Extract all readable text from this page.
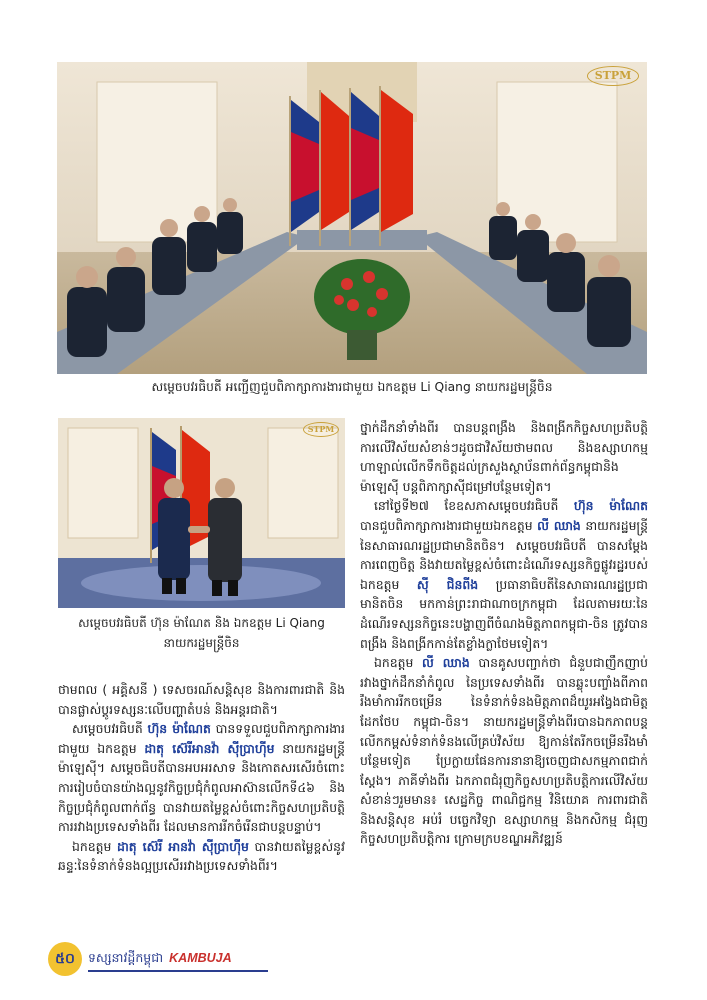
STPM
សម្ដេចបវរធិបតី អញ្ជើញជួបពិភាក្សាការងារជាមួយ ឯកឧត្តម Li Qiang នាយករដ្ឋមន្ដ្រីចិន
STPM
សម្ដេចបវរធិបតី ហ៊ុន ម៉ាណែត និង ឯកឧត្តម Li Qiang
នាយករដ្ឋមន្ដ្រីចិន

ថាមពល ( អគ្គិសនី ) ទេសចរណ៍សន្តិសុខ និងការពារជាតិ និងបានផ្លាស់ប្ដូរទស្សនៈលើបញ្ហាតំបន់ និងអន្តរជាតិ។

សម្ដេចបវរធិបតី ហ៊ុន ម៉ាណែត បានទទួលជួបពិភាក្សាការងារជាមួយ ឯកឧត្តម ដាតុ ស៊េរីអានវ៉ា ស៊ីប្រាហ៊ីម នាយករដ្ឋមន្ត្រីម៉ាឡេស៊ី។ សម្ដេចធិបតីបានអបអរសាទ និងកោតសរសើរចំពោះការរៀបចំបានយ៉ាងល្អនូវកិច្ចប្រជុំកំពូលអាស៊ានលើកទី៤៦ និងកិច្ចប្រជុំកំពូលពាក់ព័ន្ធ បានវាយតម្លៃខ្ពស់ចំពោះកិច្ចសហប្រតិបត្តិការរវាងប្រទេសទាំងពីរ ដែលមានការរីកចំរើនជាបន្តបន្ទាប់។

ឯកឧត្តម ដាតុ ស៊េរី អានវ៉ា ស៊ីប្រាហ៊ីម បានវាយតម្លៃខ្ពស់នូវឆន្ទៈនៃទំនាក់ទំនងល្អប្រសើររវាងប្រទេសទាំងពីរ។

ថ្នាក់ដឹកនាំទាំងពីរ បានបន្តពង្រឹង និងពង្រីកកិច្ចសហប្រតិបត្តិការលើវិស័យសំខាន់ៗដូចជាវិស័យថាមពល និងឧស្សាហកម្មហាឡាល់លើកទឹកចិត្តដល់ក្រសួងស្ថាប័នពាក់ព័ន្ធកម្ពុជានិងម៉ាឡេស៊ី បន្តពិភាក្សាស៊ីជម្រៅបន្ថែមទៀត។

នៅថ្ងៃទី២៧ ខែឧសភាសម្តេចបវរធិបតី ហ៊ុន ម៉ាណែត បានជួបពិភាក្សាការងារជាមួយឯកឧត្តម លី ឈាង នាយករដ្ឋមន្ត្រីនៃសាធារណរដ្ឋប្រជាមានិតចិន។ សម្ដេចបវរធិបតី បានសម្ដែងការពេញចិត្ត និងវាយតម្លៃខ្ពស់ចំពោះដំណើរទស្សនកិច្ចផ្លូវរដ្ឋរបស់ឯកឧត្តម ស៊ី ជិនពីង ប្រធានាធិបតីនៃសាធារណរដ្ឋប្រជាមានិតចិន មកកាន់ព្រះរាជាណាចក្រកម្ពុជា ដែលតាមរយៈនៃដំណើរទស្សនកិច្ចនេះបង្ហាញពីចំណងមិត្តភាពកម្ពុជា-ចិន ត្រូវបានពង្រឹង និងពង្រីកកាន់តែខ្លាំងក្លាថែមទៀត។

ឯកឧត្តម លី ឈាង បានគូសបញ្ជាក់ថា ជំនួបជាញឹកញាប់រវាងថ្នាក់ដឹកនាំកំពូល នៃប្រទេសទាំងពីរ បានឆ្លុះបញ្ចាំងពីភាពរឹងមាំការរីកចម្រើន នៃទំនាក់ទំនងមិត្តភាពដ៏យូរអង្វែងជាមិត្តដែកថែប កម្ពុជា-ចិន។ នាយករដ្ឋមន្ត្រីទាំងពីរបានឯកភាពបន្តលើកកម្ពស់ទំនាក់ទំនងលើគ្រប់វិស័យ ឱ្យកាន់តែរីកចម្រើនរឹងមាំបន្ថែមទៀត ប្រែក្លាយផែនការនានាឱ្យចេញជាសកម្មភាពជាក់ស្ដែង។ ភាគីទាំងពីរ ឯកភាពជំរុញកិច្ចសហប្រតិបត្តិការលើវិស័យសំខាន់ៗរួមមាន៖ សេដ្ឋកិច្ច ពាណិជ្ជកម្ម វិនិយោគ ការពារជាតិនិងសន្តិសុខ អប់រំ បច្ចេកវិទ្យា ឧស្សាហកម្ម និងកសិកម្ម ជំរុញកិច្ចសហប្រតិបត្តិការ ក្រោមក្របខណ្ឌអភិវឌ្ឍន៍

៥០	ទស្សនាវដ្តីកម្ពុជា KAMBUJA
